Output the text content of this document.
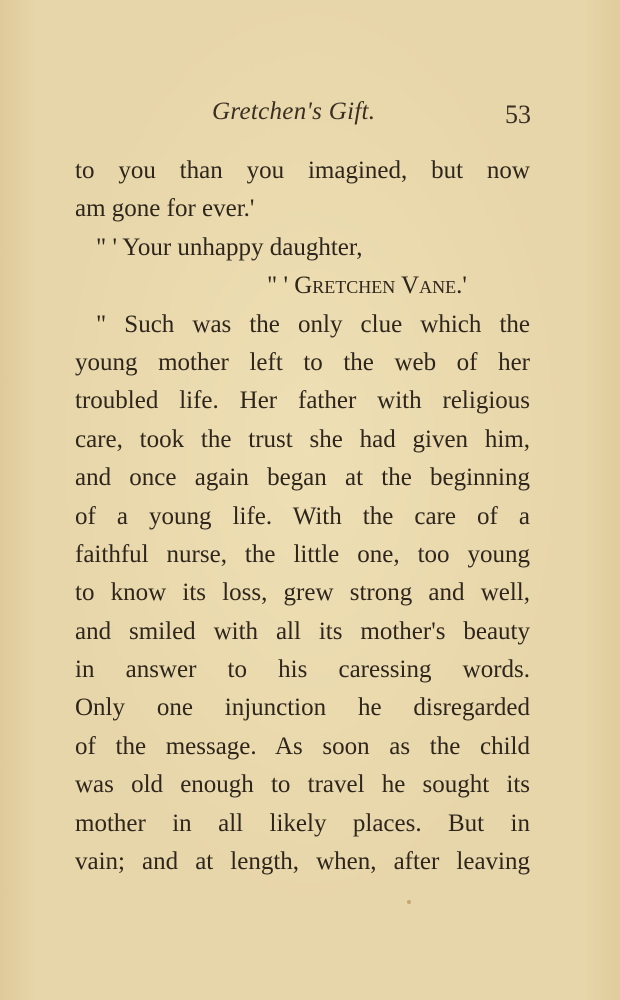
Gretchen's Gift.	53
to you than you imagined, but now
am gone for ever.'
" ' Your unhappy daughter,
" ' Gretchen Vane.'
" Such was the only clue which the
young mother left to the web of her
troubled life. Her father with religious
care, took the trust she had given him,
and once again began at the beginning
of a young life. With the care of a
faithful nurse, the little one, too young
to know its loss, grew strong and well,
and smiled with all its mother's beauty
in answer to his caressing words.
Only one injunction he disregarded
of the message. As soon as the child
was old enough to travel he sought its
mother in all likely places. But in
vain; and at length, when, after leaving
